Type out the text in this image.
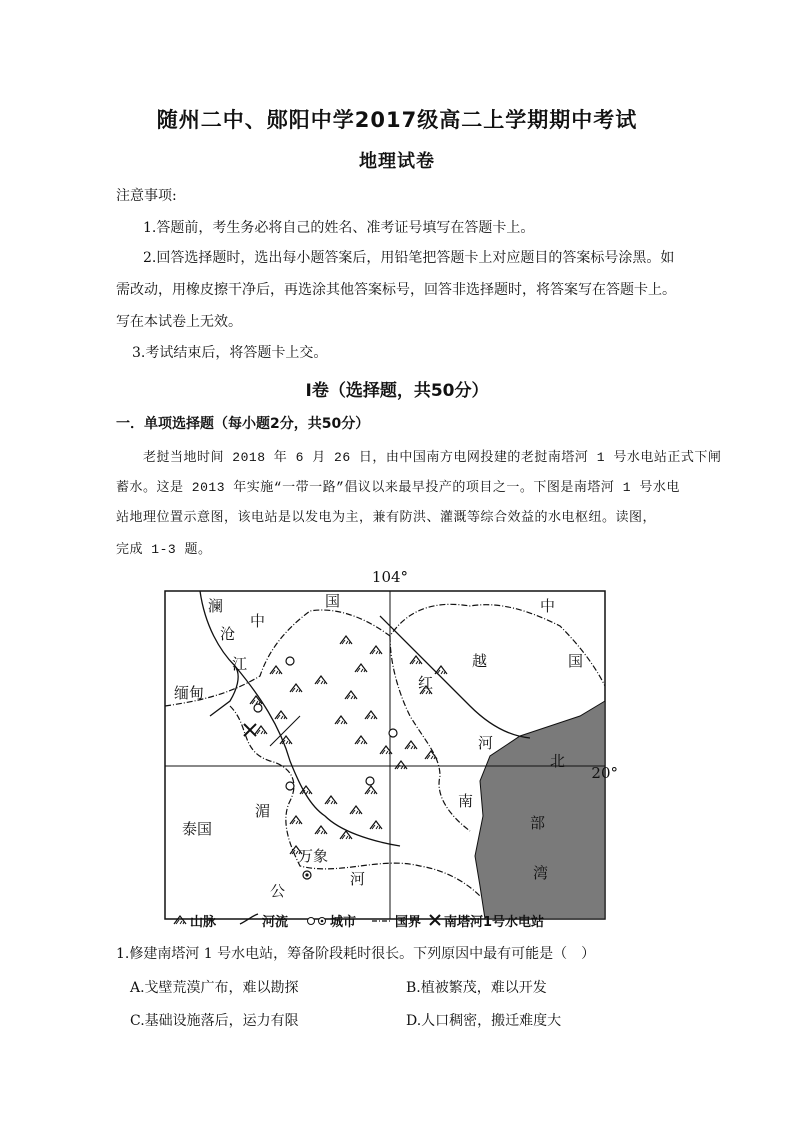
随州二中、郧阳中学2017级高二上学期期中考试
地理试卷
注意事项:
1.答题前，考生务必将自己的姓名、准考证号填写在答题卡上。
2.回答选择题时，选出每小题答案后，用铅笔把答题卡上对应题目的答案标号涂黑。如
需改动，用橡皮擦干净后，再选涂其他答案标号，回答非选择题时，将答案写在答题卡上。
写在本试卷上无效。
3.考试结束后，将答题卡上交。
Ⅰ卷（选择题，共50分）
一．单项选择题（每小题2分，共50分）
老挝当地时间 2018 年 6 月 26 日，由中国南方电网投建的老挝南塔河 1 号水电站正式下闸
蓄水。这是 2013 年实施“一带一路”倡议以来最早投产的项目之一。下图是南塔河 1 号水电
站地理位置示意图，该电站是以发电为主，兼有防洪、灌溉等综合效益的水电枢纽。读图，
完成 1-3 题。
104°
20°
澜
沧
江
中
国	中
国
越
红
河
南
北
部
湾
缅甸
泰国
湄
公
河
万象
山脉	河流	城市	国界 南塔河1号水电站
1.修建南塔河 1 号水电站，筹备阶段耗时很长。下列原因中最有可能是（　）
A.戈壁荒漠广布，难以勘探	B.植被繁茂，难以开发
C.基础设施落后，运力有限	D.人口稠密，搬迁难度大
